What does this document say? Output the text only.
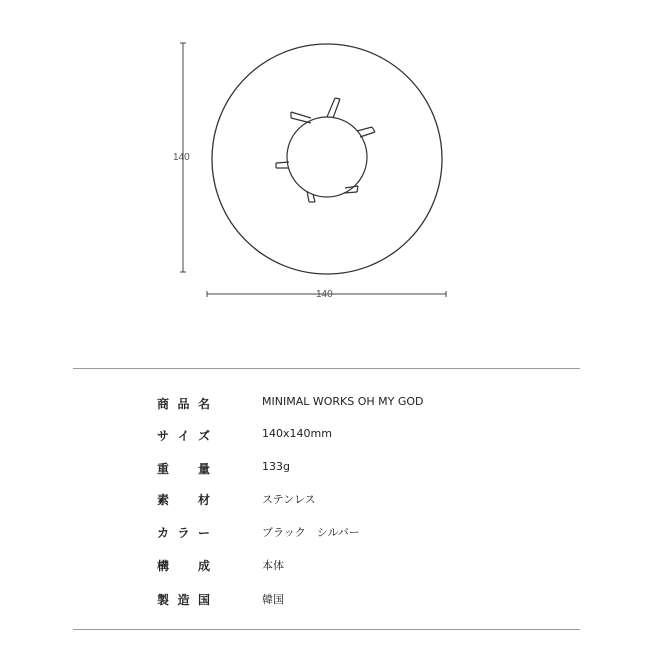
140
140
商 品 名	MINIMAL WORKS OH MY GOD
サ イ ズ	140x140mm
重 量	133g
素 材	ステンレス
カ ラ ー	ブラック　シルバー
構 成	本体
製 造 国	韓国
